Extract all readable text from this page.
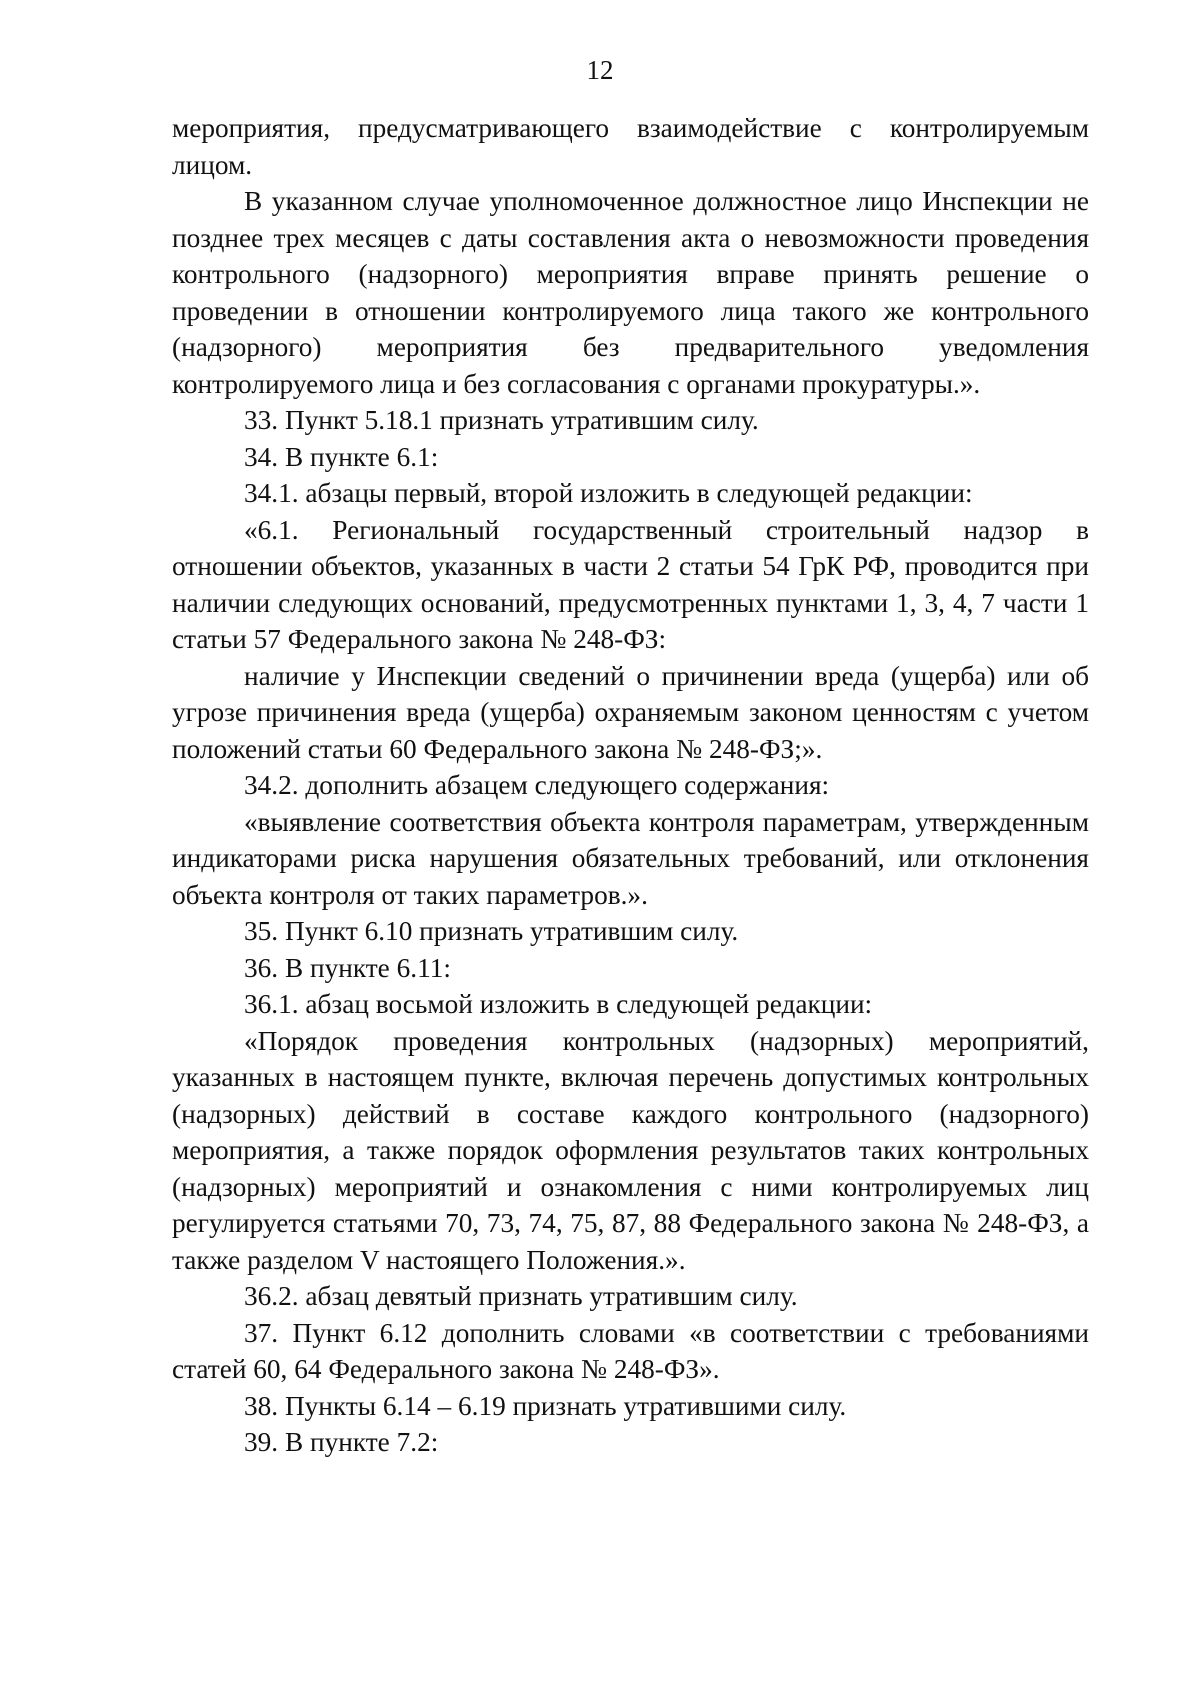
12

мероприятия, предусматривающего взаимодействие с контролируемым лицом.

В указанном случае уполномоченное должностное лицо Инспекции не позднее трех месяцев с даты составления акта о невозможности проведения контрольного (надзорного) мероприятия вправе принять решение о проведении в отношении контролируемого лица такого же контрольного (надзорного) мероприятия без предварительного уведомления контролируемого лица и без согласования с органами прокуратуры.».

33. Пункт 5.18.1 признать утратившим силу.

34. В пункте 6.1:

34.1. абзацы первый, второй изложить в следующей редакции:

«6.1. Региональный государственный строительный надзор в отношении объектов, указанных в части 2 статьи 54 ГрК РФ, проводится при наличии следующих оснований, предусмотренных пунктами 1, 3, 4, 7 части 1 статьи 57 Федерального закона № 248-ФЗ:

наличие у Инспекции сведений о причинении вреда (ущерба) или об угрозе причинения вреда (ущерба) охраняемым законом ценностям с учетом положений статьи 60 Федерального закона № 248-ФЗ;».

34.2. дополнить абзацем следующего содержания:

«выявление соответствия объекта контроля параметрам, утвержденным индикаторами риска нарушения обязательных требований, или отклонения объекта контроля от таких параметров.».

35. Пункт 6.10 признать утратившим силу.

36. В пункте 6.11:

36.1. абзац восьмой изложить в следующей редакции:

«Порядок проведения контрольных (надзорных) мероприятий, указанных в настоящем пункте, включая перечень допустимых контрольных (надзорных) действий в составе каждого контрольного (надзорного) мероприятия, а также порядок оформления результатов таких контрольных (надзорных) мероприятий и ознакомления с ними контролируемых лиц регулируется статьями 70, 73, 74, 75, 87, 88 Федерального закона № 248-ФЗ, а также разделом V настоящего Положения.».

36.2. абзац девятый признать утратившим силу.

37. Пункт 6.12 дополнить словами «в соответствии с требованиями статей 60, 64 Федерального закона № 248-ФЗ».

38. Пункты 6.14 – 6.19 признать утратившими силу.

39. В пункте 7.2:
